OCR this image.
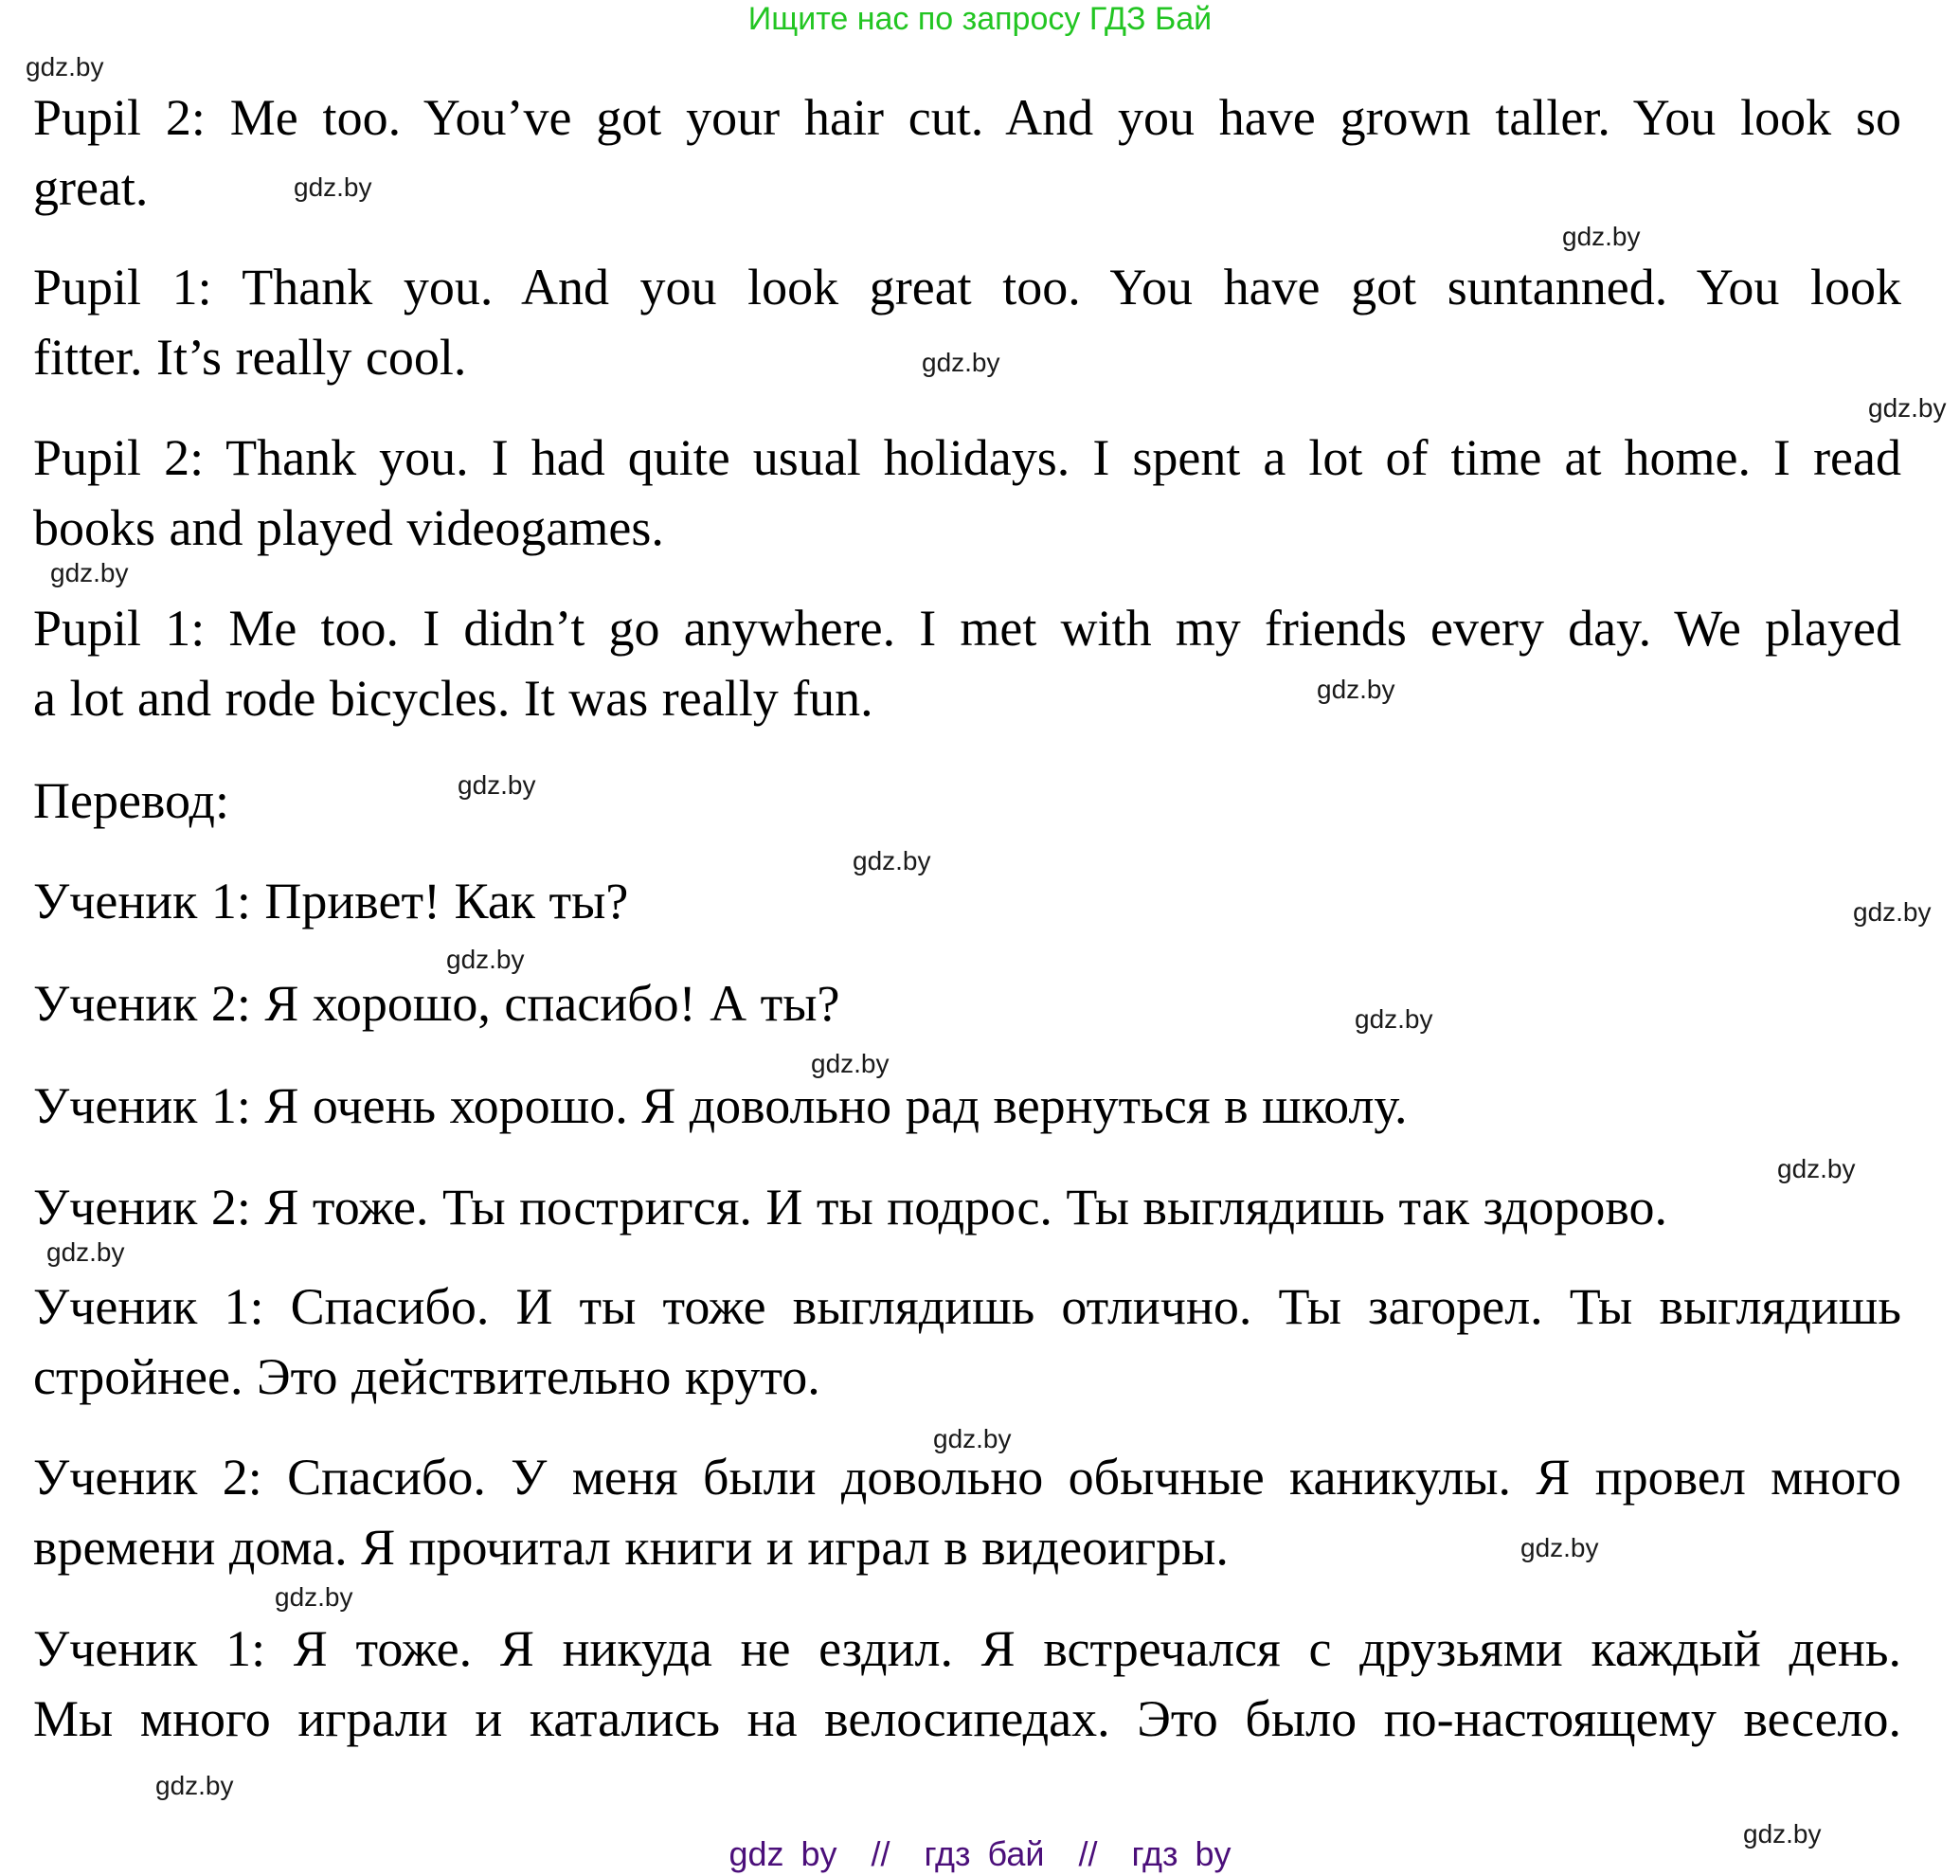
Ищите нас по запросу ГДЗ Бай
Pupil 2: Me too. You’ve got your hair cut. And you have grown taller. You look so
great.
Pupil 1: Thank you. And you look great too. You have got suntanned. You look
fitter. It’s really cool.
Pupil 2: Thank you. I had quite usual holidays. I spent a lot of time at home. I read
books and played videogames.
Pupil 1: Me too. I didn’t go anywhere. I met with my friends every day. We played
a lot and rode bicycles. It was really fun.
Перевод:
Ученик 1: Привет! Как ты?
Ученик 2: Я хорошо, спасибо! А ты?
Ученик 1: Я очень хорошо. Я довольно рад вернуться в школу.
Ученик 2: Я тоже. Ты постригся. И ты подрос. Ты выглядишь так здорово.
Ученик 1: Спасибо. И ты тоже выглядишь отлично. Ты загорел. Ты выглядишь
стройнее. Это действительно круто.
Ученик 2: Спасибо. У меня были довольно обычные каникулы. Я провел много
времени дома. Я прочитал книги и играл в видеоигры.
Ученик 1: Я тоже. Я никуда не ездил. Я встречался с друзьями каждый день.
Мы много играли и катались на велосипедах. Это было по-настоящему весело.
gdz.by
gdz.by
gdz.by
gdz.by
gdz.by
gdz.by
gdz.by
gdz.by
gdz.by
gdz.by
gdz.by
gdz.by
gdz.by
gdz.by
gdz.by
gdz.by
gdz.by
gdz.by
gdz.by
gdz.by
gdz by  //  гдз бай  //  гдз by
